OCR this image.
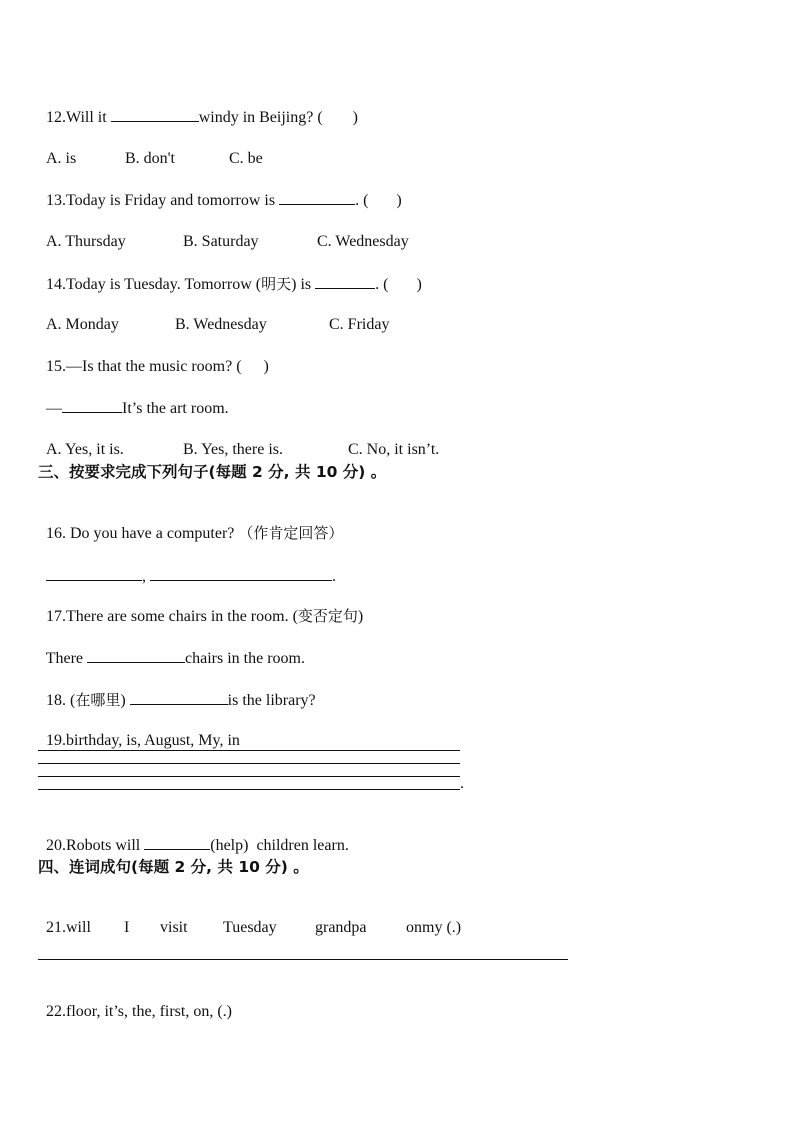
12.Will it	windy in Beijing? ( )

A. is	B. don't	C. be

13.Today is Friday and tomorrow is	. ( )

A. Thursday	B. Saturday	C. Wednesday

14.Today is Tuesday. Tomorrow (明天) is	. ( )

A. Monday	B. Wednesday	C. Friday

15.—Is that the music room? ( )

—	It’s the art room.

A. Yes, it is.	B. Yes, there is.	C. No, it isn’t.

三、按要求完成下列句子(每题 2 分, 共 10 分) 。

16. Do you have a computer? （作肯定回答）

,	.

17.There are some chairs in the room. (变否定句)

There	chairs in the room.

18. (在哪里)	is the library?

19.birthday, is, August, My, in

.

20.Robots will	(help)  children learn.

四、连词成句(每题 2 分, 共 10 分) 。

21.will I visit Tuesday grandpa onmy (.)

22.floor, it’s, the, first, on, (.)
